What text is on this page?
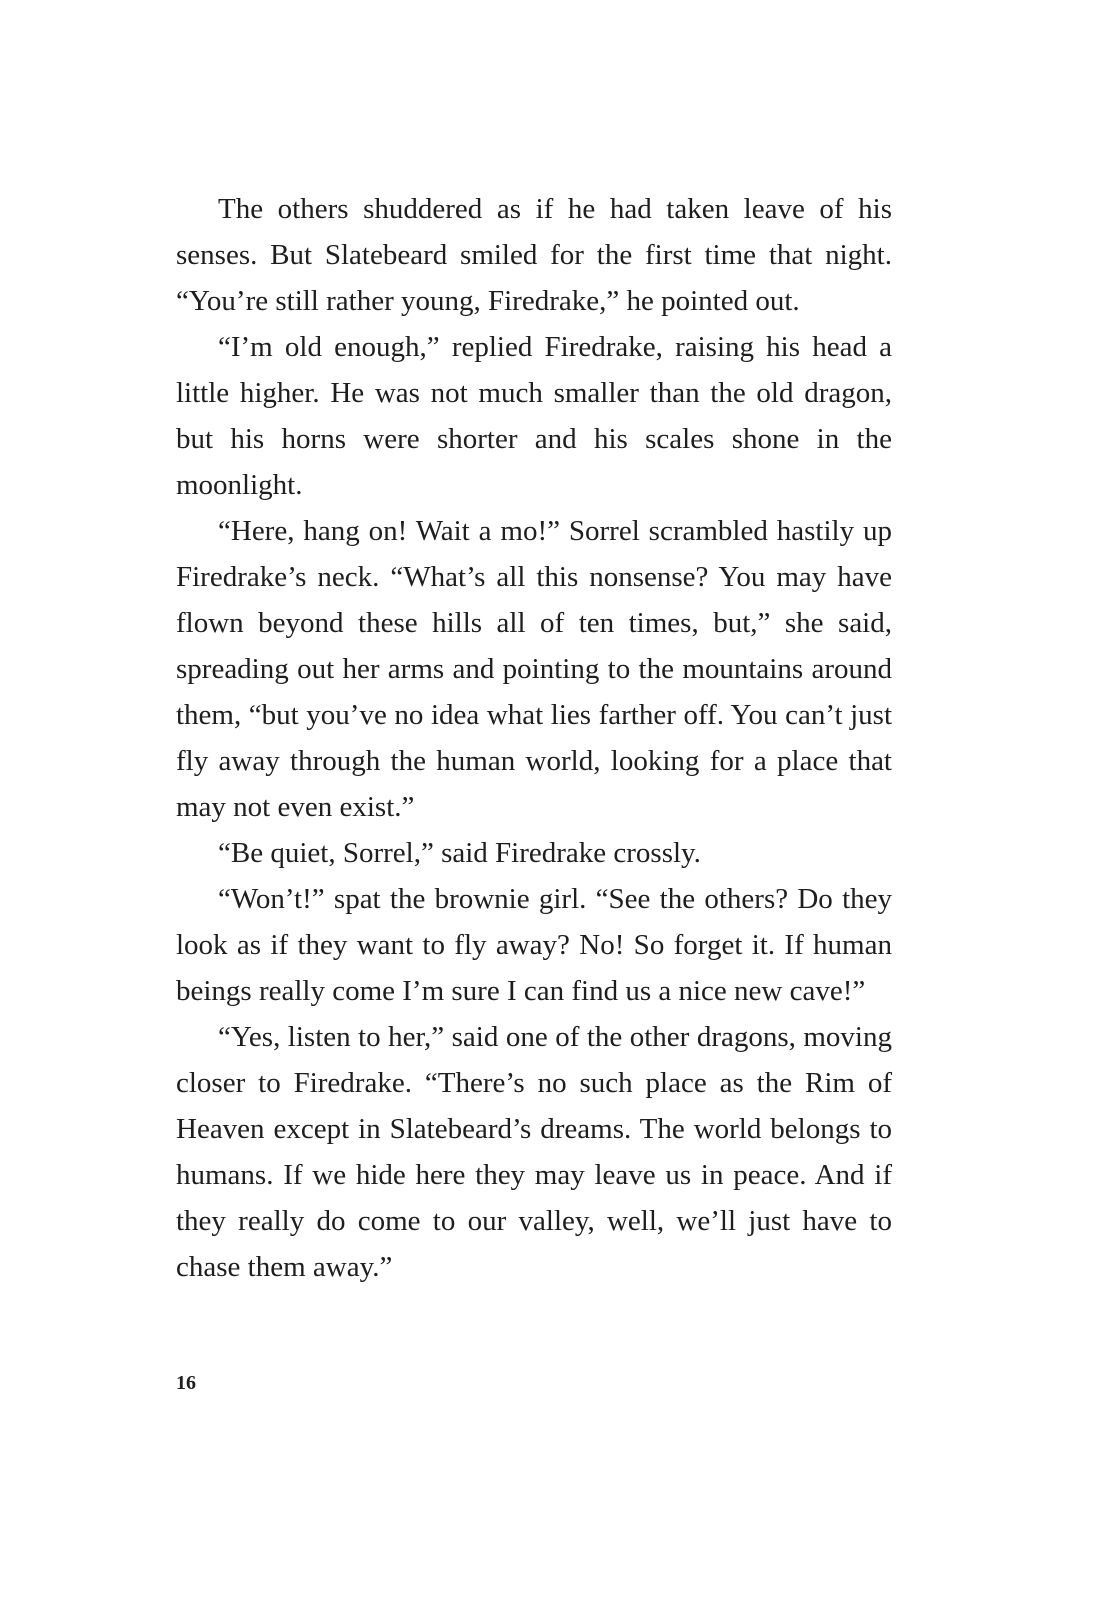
The others shuddered as if he had taken leave of his senses. But Slatebeard smiled for the first time that night. “You’re still rather young, Firedrake,” he pointed out.

“I’m old enough,” replied Firedrake, raising his head a little higher. He was not much smaller than the old dragon, but his horns were shorter and his scales shone in the moonlight.

“Here, hang on! Wait a mo!” Sorrel scrambled hastily up Firedrake’s neck. “What’s all this nonsense? You may have flown beyond these hills all of ten times, but,” she said, spreading out her arms and pointing to the mountains around them, “but you’ve no idea what lies farther off. You can’t just fly away through the human world, looking for a place that may not even exist.”

“Be quiet, Sorrel,” said Firedrake crossly.

“Won’t!” spat the brownie girl. “See the others? Do they look as if they want to fly away? No! So forget it. If human beings really come I’m sure I can find us a nice new cave!”

“Yes, listen to her,” said one of the other dragons, moving closer to Firedrake. “There’s no such place as the Rim of Heaven except in Slatebeard’s dreams. The world belongs to humans. If we hide here they may leave us in peace. And if they really do come to our valley, well, we’ll just have to chase them away.”

16
